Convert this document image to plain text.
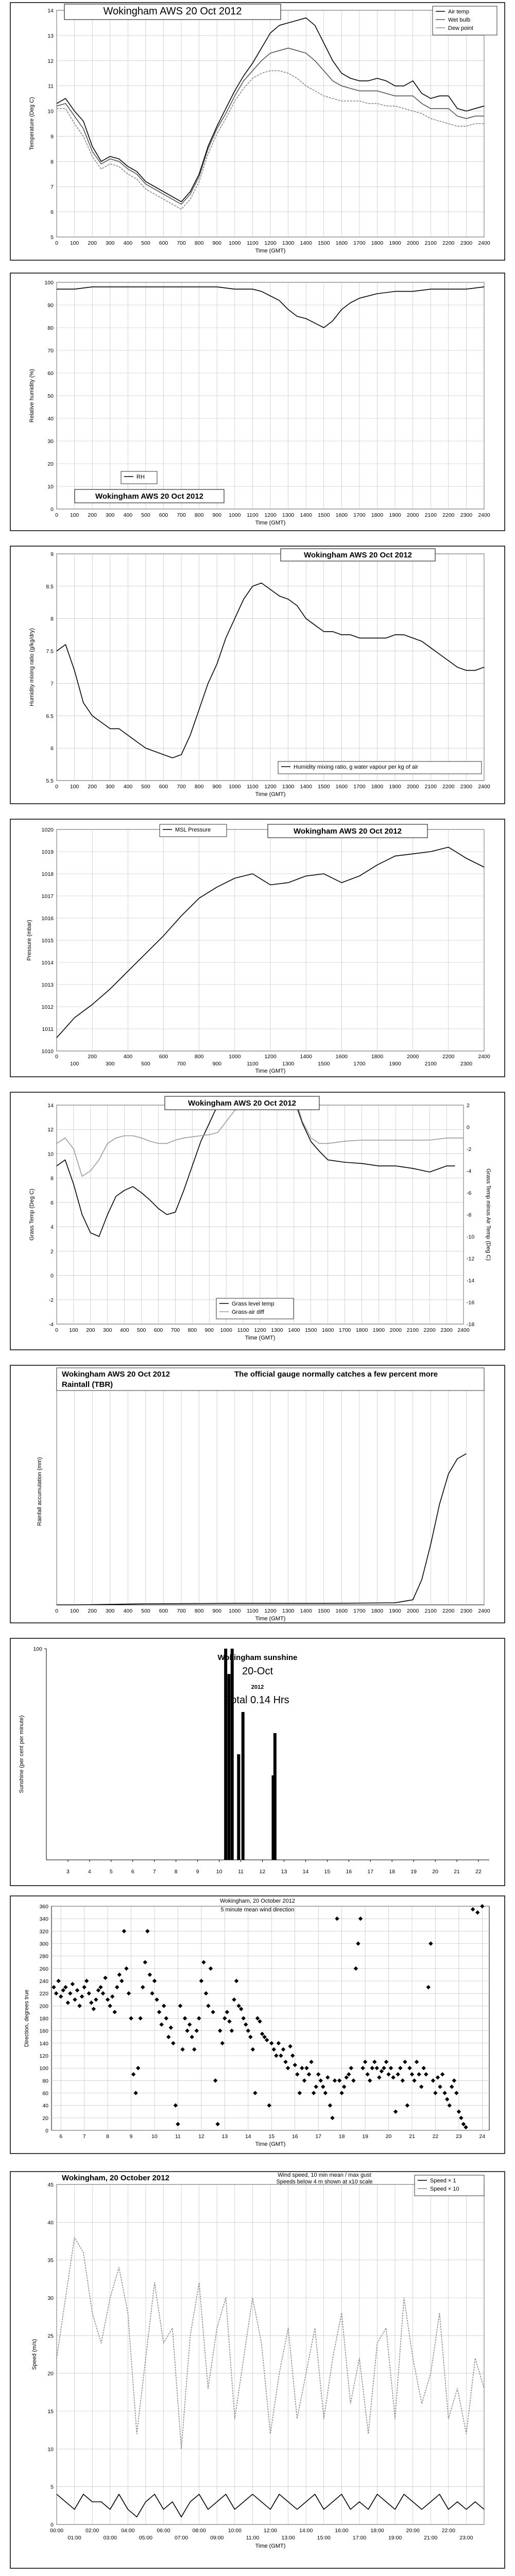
5
6
7
8
9
10
11
12
13
14
0 100 200 300 400 500 600 700 800 900 1000 1100 1200 1300 1400 1500 1600 1700 1800 1900 2000 2100 2200 2300 2400
Time (GMT)
Temperature (Deg C)
Wokingham AWS 20 Oct 2012	Air temp
Wet bulb
Dew point
0
10
20
30
40
50
60
70
80
90
100
0 100 200 300 400 500 600 700 800 900 1000 1100 1200 1300 1400 1500 1600 1700 1800 1900 2000 2100 2200 2300 2400
Time (GMT)
Relative humidity (%)
RH
Wokingham AWS 20 Oct 2012
5.5
6
6.5
7
7.5
8
8.5
9
0 100 200 300 400 500 600 700 800 900 1000 1100 1200 1300 1400 1500 1600 1700 1800 1900 2000 2100 2200 2300 2400
Time (GMT)
Humidity mixing ratio (g/kg/dry)
Wokingham AWS 20 Oct 2012
Humidity mixing ratio, g water vapour per kg of air
1010
1011
1012
1013
1014
1015
1016
1017
1018
1019
1020
0	200	400	600	800	1000	1200	1400	1600	1800	2000	2200	2400
100	300	500	700	900	1100	1300	1500	1700	1900	2100	2300
Time (GMT)
Pressure (mbar)
MSL Pressure	Wokingham AWS 20 Oct 2012
-4
-2
0
2
4
6
8
10
12
14
0 100 200 300 400 500 600 700 800 900 1000 1100 1200 1300 1400 1500 1600 1700 1800 1900 2000 2100 2200 2300 2400
Time (GMT)
Grass Temp (Deg C)
-18
-16
-14
-12
-10
-8
-6
-4
-2
0
2
Grass Temp minus Air Temp (Deg C)
Wokingham AWS 20 Oct 2012
Grass level temp
Grass-air diff
0 100 200 300 400 500 600 700 800 900 1000 1100 1200 1300 1400 1500 1600 1700 1800 1900 2000 2100 2200 2300 2400
Time (GMT)
Rainfall accumulation (mm)
Wokingham AWS 20 Oct 2012
Raintall (TBR)
The official gauge normally catches a few percent more
100
3	4	5	6	7	8	9	10	11	12	13	14	15	16	17	18	19	20	21	22
Sunshine (per cent per minute)
Wokingham sunshine
20-Oct
2012
Total 0.14 Hrs
0
20
40
60
80
100
120
140
160
180
200
220
240
260
280
300
320
340
360
6	7	8	9	10	11	12	13	14	15	16	17	18	19	20	21	22	23	24
Time (GMT)
Direction, degrees true
Wokingham, 20 October 2012
5 minute mean wind direction
0
5
10
15
20
25
30
35
40
45
00:00	02:00	04:00	06:00	08:00	10:00	12:00	14:00	16:00	18:00	20:00	22:00
01:00	03:00	05:00	07:00	09:00	11:00	13:00	15:00	17:00	19:00	21:00	23:00
Time (GMT)
Speed (m/s)
Wokingham, 20 October 2012	Wind speed, 10 min mean / max gust
Speeds below 4 m shown at x10 scale	Speed × 1
Speed × 10
